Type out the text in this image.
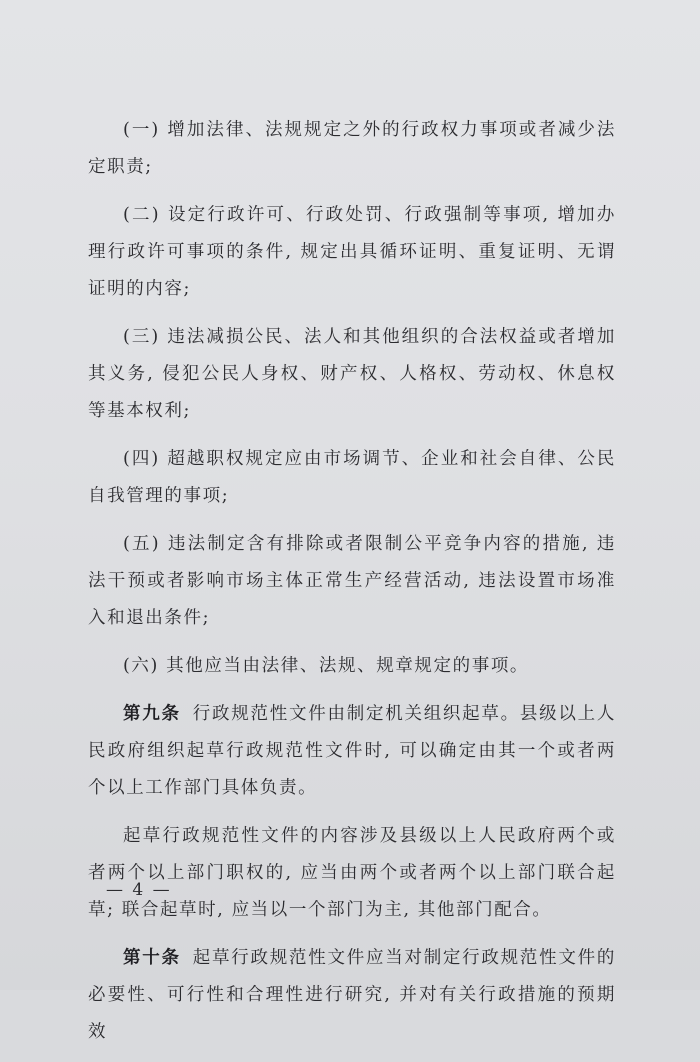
(一) 增加法律、法规规定之外的行政权力事项或者减少法定职责;

(二) 设定行政许可、行政处罚、行政强制等事项, 增加办理行政许可事项的条件, 规定出具循环证明、重复证明、无谓证明的内容;

(三) 违法减损公民、法人和其他组织的合法权益或者增加其义务, 侵犯公民人身权、财产权、人格权、劳动权、休息权等基本权利;

(四) 超越职权规定应由市场调节、企业和社会自律、公民自我管理的事项;

(五) 违法制定含有排除或者限制公平竞争内容的措施, 违法干预或者影响市场主体正常生产经营活动, 违法设置市场准入和退出条件;

(六) 其他应当由法律、法规、规章规定的事项。

第九条 行政规范性文件由制定机关组织起草。县级以上人民政府组织起草行政规范性文件时, 可以确定由其一个或者两个以上工作部门具体负责。

起草行政规范性文件的内容涉及县级以上人民政府两个或者两个以上部门职权的, 应当由两个或者两个以上部门联合起草; 联合起草时, 应当以一个部门为主, 其他部门配合。

第十条 起草行政规范性文件应当对制定行政规范性文件的必要性、可行性和合理性进行研究, 并对有关行政措施的预期效

— 4 —
